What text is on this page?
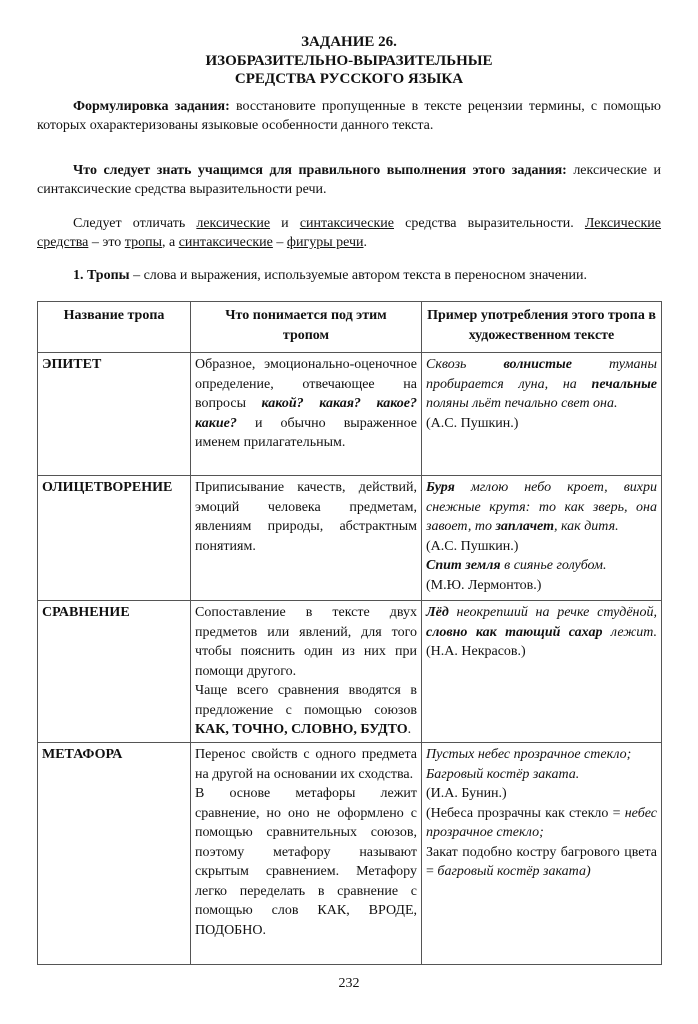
ЗАДАНИЕ 26.
ИЗОБРАЗИТЕЛЬНО-ВЫРАЗИТЕЛЬНЫЕ
СРЕДСТВА РУССКОГО ЯЗЫКА
Формулировка задания: восстановите пропущенные в тексте рецензии термины, с помощью которых охарактеризованы языковые особенности данного текста.
Что следует знать учащимся для правильного выполнения этого задания: лексические и синтаксические средства выразительности речи.
Следует отличать лексические и синтаксические средства выразительности. Лексические средства – это тропы, а синтаксические – фигуры речи.
1. Тропы – слова и выражения, используемые автором текста в переносном значении.
Название тропа	Что понимается под этим тропом	Пример употребления этого тропа в художественном тексте
ЭПИТЕТ	Образное, эмоционально-оценочное определение, отвечающее на вопросы какой? какая? какое? какие? и обычно выраженное именем прилагательным.	Сквозь волнистые туманы пробирается луна, на печальные поляны льёт печально свет она.
(А.С. Пушкин.)
ОЛИЦЕТВОРЕНИЕ	Приписывание качеств, действий, эмоций человека предметам, явлениям природы, абстрактным понятиям.	Буря мглою небо кроет, вихри снежные крутя: то как зверь, она завоет, то заплачет, как дитя.
(А.С. Пушкин.)
Спит земля в сиянье голубом.
(М.Ю. Лермонтов.)
СРАВНЕНИЕ	Сопоставление в тексте двух предметов или явлений, для того чтобы пояснить один из них при помощи другого.
Чаще всего сравнения вводятся в предложение с помощью союзов КАК, ТОЧНО, СЛОВНО, БУДТО.	Лёд неокрепший на речке студёной, словно как тающий сахар лежит. (Н.А. Некрасов.)
МЕТАФОРА	Перенос свойств с одного предмета на другой на основании их сходства.
В основе метафоры лежит сравнение, но оно не оформлено с помощью сравнительных союзов, поэтому метафору называют скрытым сравнением. Метафору легко переделать в сравнение с помощью слов КАК, ВРОДЕ, ПОДОБНО.	Пустых небес прозрачное стекло;
Багровый костёр заката.
(И.А. Бунин.)
(Небеса прозрачны как стекло = небес прозрачное стекло;
Закат подобно костру багрового цвета = багровый костёр заката)
232
